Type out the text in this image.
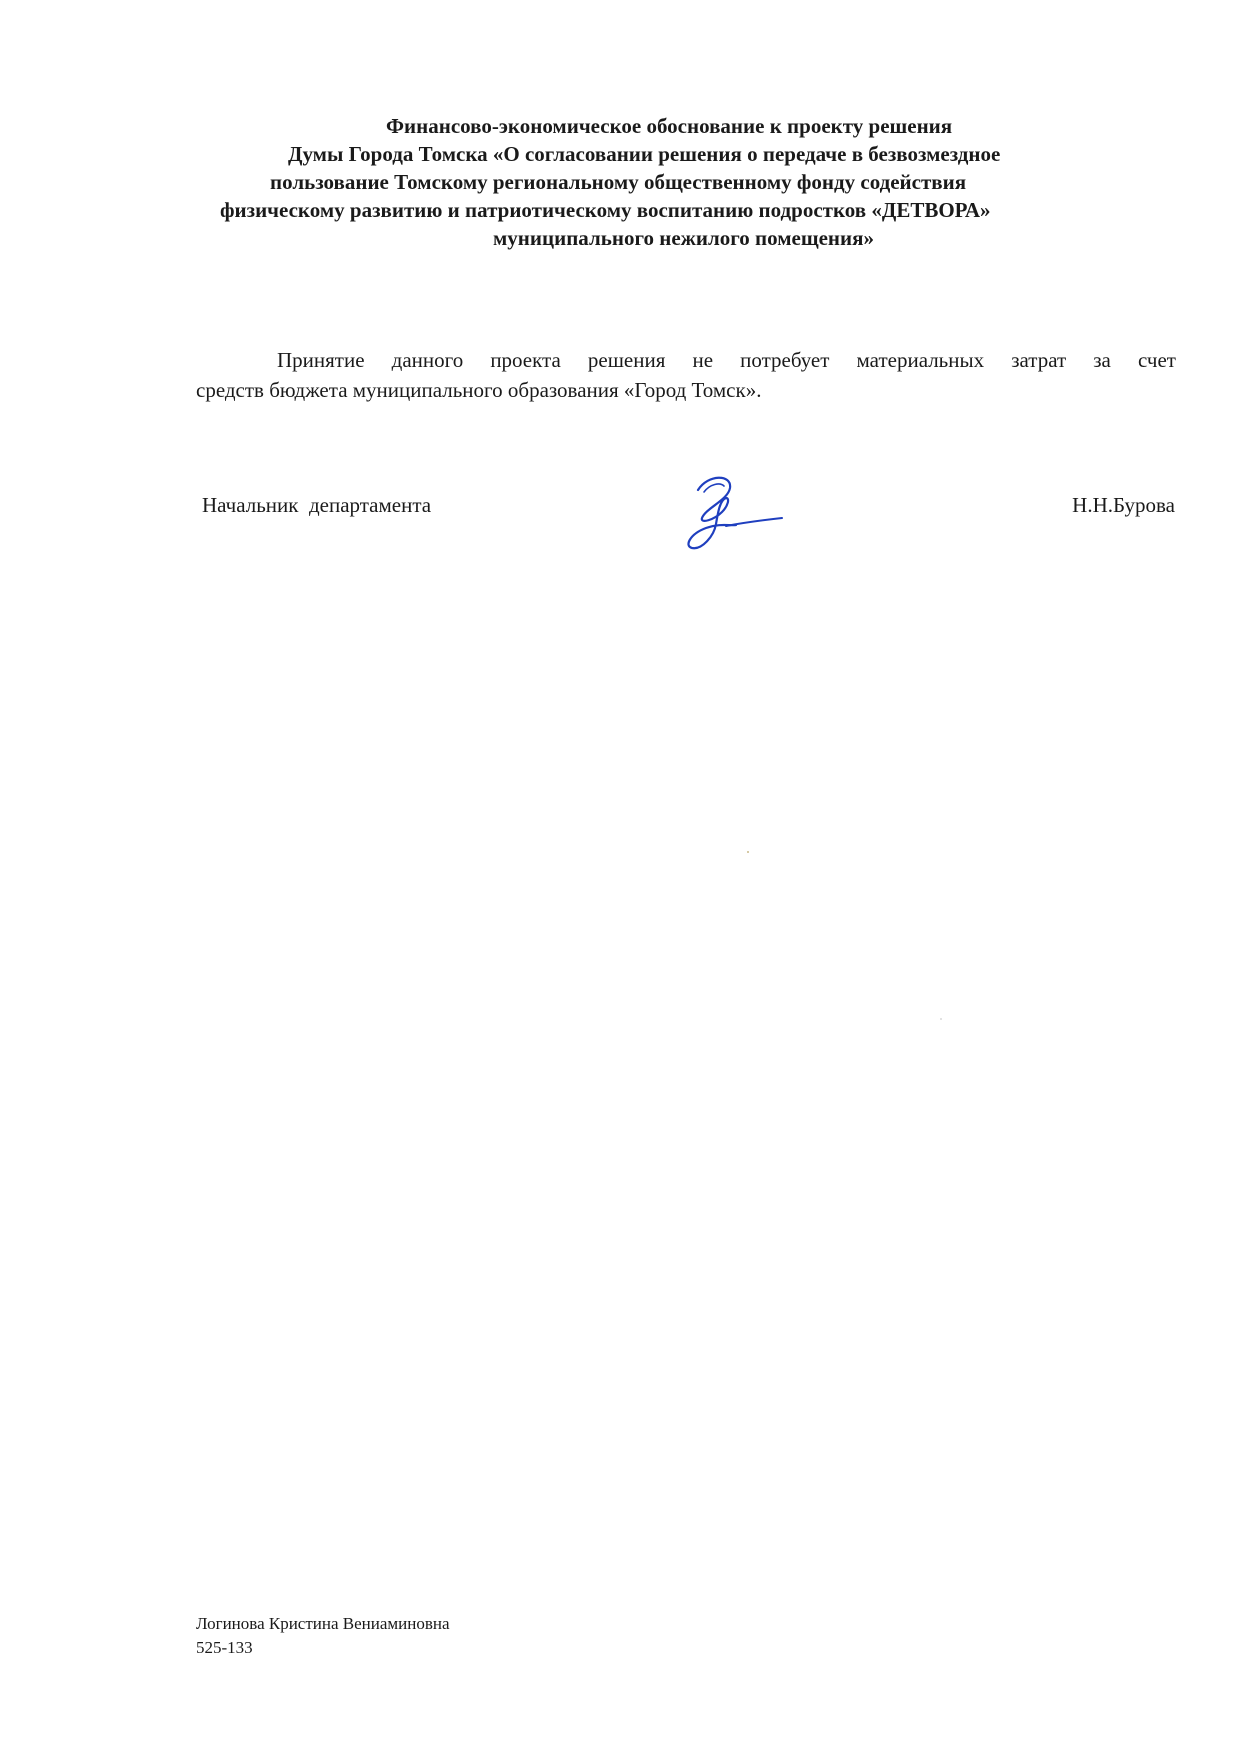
Финансово-экономическое обоснование к проекту решения
Думы Города Томска «О согласовании решения о передаче в безвозмездное
пользование Томскому региональному общественному фонду содействия
физическому развитию и патриотическому воспитанию подростков «ДЕТВОРА»
муниципального нежилого помещения»
Принятие данного проекта решения не потребует материальных затрат за счет
средств бюджета муниципального образования «Город Томск».
Начальник  департамента	Н.Н.Бурова
Логинова Кристина Вениаминовна
525-133
